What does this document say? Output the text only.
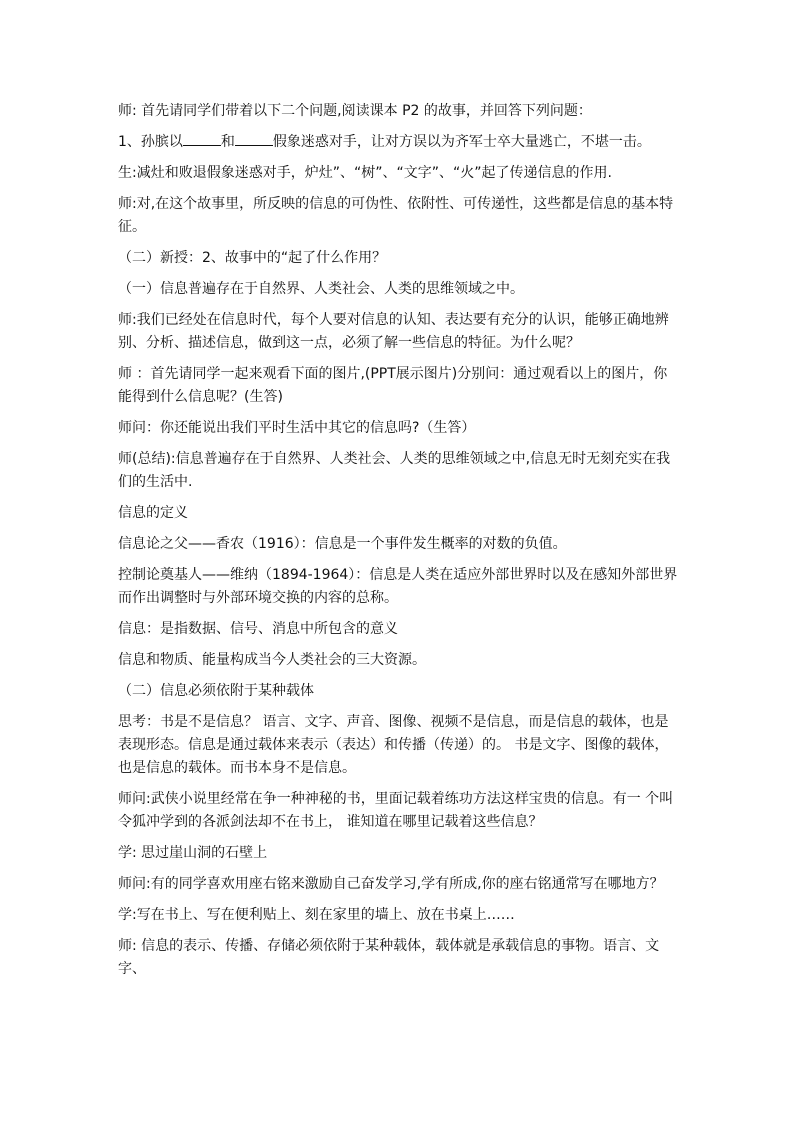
师: 首先请同学们带着以下二个问题,阅读课本 P2 的故事，并回答下列问题：

1、孙膑以	和	假象迷惑对手，让对方误以为齐军士卒大量逃亡，不堪一击。

生:减灶和败退假象迷惑对手，炉灶”、“树”、“文字”、“火”起了传递信息的作用.

师:对,在这个故事里，所反映的信息的可伪性、依附性、可传递性，这些都是信息的基本特征。

（二）新授：2、故事中的“起了什么作用？

（一）信息普遍存在于自然界、人类社会、人类的思维领域之中。

师:我们已经处在信息时代，每个人要对信息的认知、表达要有充分的认识，能够正确地辨别、分析、描述信息，做到这一点，必须了解一些信息的特征。为什么呢？

师 ：首先请同学一起来观看下面的图片,(PPT展示图片)分别问：通过观看以上的图片，你能得到什么信息呢？(生答)

师问：你还能说出我们平时生活中其它的信息吗?（生答）

师(总结):信息普遍存在于自然界、人类社会、人类的思维领域之中,信息无时无刻充实在我们的生活中.

信息的定义

信息论之父——香农（1916）：信息是一个事件发生概率的对数的负值。

控制论奠基人——维纳（1894-1964）：信息是人类在适应外部世界时以及在感知外部世界而作出调整时与外部环境交换的内容的总称。

信息：是指数据、信号、消息中所包含的意义

信息和物质、能量构成当今人类社会的三大资源。

（二）信息必须依附于某种载体

思考：书是不是信息？ 语言、文字、声音、图像、视频不是信息，而是信息的载体，也是表现形态。信息是通过载体来表示（表达）和传播（传递）的。 书是文字、图像的载体，也是信息的载体。而书本身不是信息。

师问:武侠小说里经常在争一种神秘的书，里面记载着练功方法这样宝贵的信息。有一 个叫令狐冲学到的各派剑法却不在书上， 谁知道在哪里记载着这些信息？

学: 思过崖山洞的石壁上

师问:有的同学喜欢用座右铭来激励自己奋发学习,学有所成,你的座右铭通常写在哪地方？

学:写在书上、写在便利贴上、刻在家里的墙上、放在书桌上……

师: 信息的表示、传播、存储必须依附于某种载体，载体就是承载信息的事物。语言、文字、
